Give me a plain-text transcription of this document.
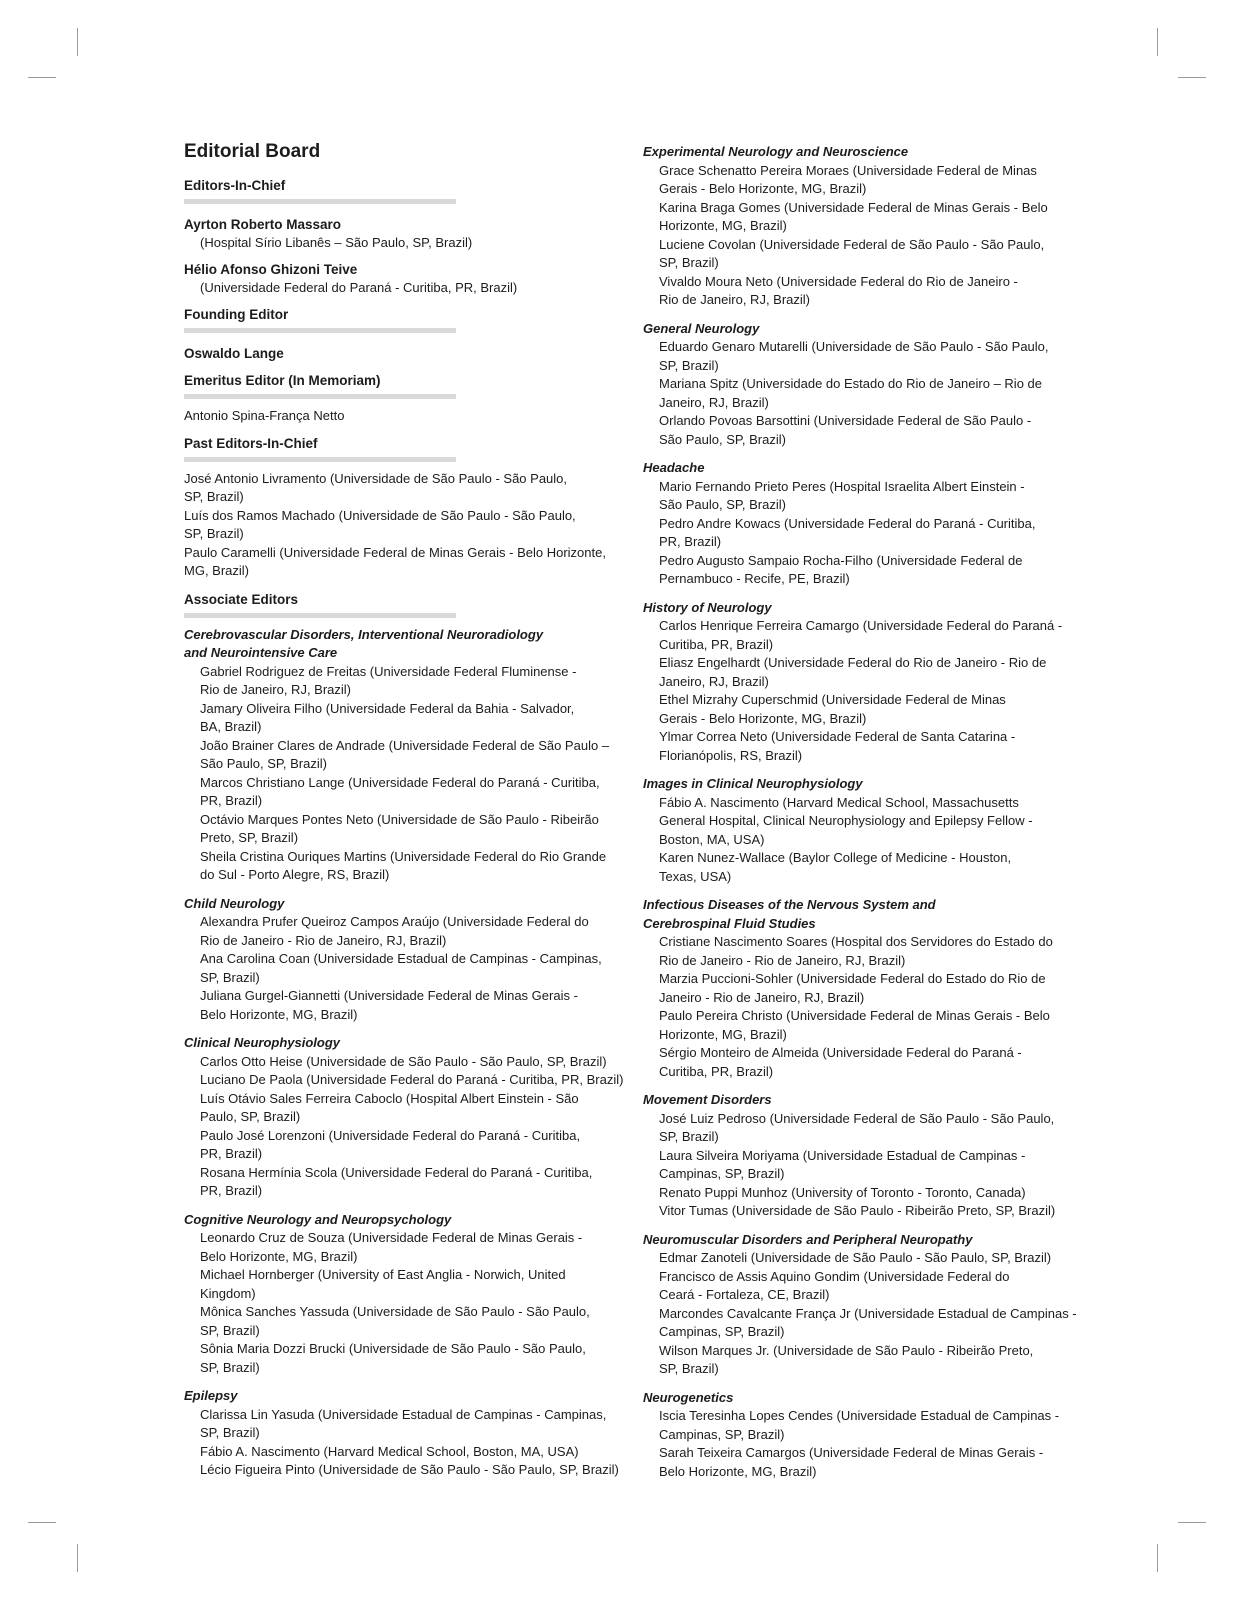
Editorial Board
Editors-In-Chief
Ayrton Roberto Massaro
(Hospital Sírio Libanês – São Paulo, SP, Brazil)
Hélio Afonso Ghizoni Teive
(Universidade Federal do Paraná - Curitiba, PR, Brazil)
Founding Editor
Oswaldo Lange
Emeritus Editor (In Memoriam)
Antonio Spina-França Netto
Past Editors-In-Chief
José Antonio Livramento (Universidade de São Paulo - São Paulo,
SP, Brazil)
Luís dos Ramos Machado (Universidade de São Paulo - São Paulo,
SP, Brazil)
Paulo Caramelli (Universidade Federal de Minas Gerais - Belo Horizonte,
MG, Brazil)
Associate Editors
Cerebrovascular Disorders, Interventional Neuroradiology
and Neurointensive Care
Gabriel Rodriguez de Freitas (Universidade Federal Fluminense -
Rio de Janeiro, RJ, Brazil)
Jamary Oliveira Filho (Universidade Federal da Bahia - Salvador,
BA, Brazil)
João Brainer Clares de Andrade (Universidade Federal de São Paulo –
São Paulo, SP, Brazil)
Marcos Christiano Lange (Universidade Federal do Paraná - Curitiba,
PR, Brazil)
Octávio Marques Pontes Neto (Universidade de São Paulo - Ribeirão
Preto, SP, Brazil)
Sheila Cristina Ouriques Martins (Universidade Federal do Rio Grande
do Sul - Porto Alegre, RS, Brazil)
Child Neurology
Alexandra Prufer Queiroz Campos Araújo (Universidade Federal do
Rio de Janeiro - Rio de Janeiro, RJ, Brazil)
Ana Carolina Coan (Universidade Estadual de Campinas - Campinas,
SP, Brazil)
Juliana Gurgel-Giannetti (Universidade Federal de Minas Gerais -
Belo Horizonte, MG, Brazil)
Clinical Neurophysiology
Carlos Otto Heise (Universidade de São Paulo - São Paulo, SP, Brazil)
Luciano De Paola (Universidade Federal do Paraná - Curitiba, PR, Brazil)
Luís Otávio Sales Ferreira Caboclo (Hospital Albert Einstein - São
Paulo, SP, Brazil)
Paulo José Lorenzoni (Universidade Federal do Paraná - Curitiba,
PR, Brazil)
Rosana Hermínia Scola (Universidade Federal do Paraná - Curitiba,
PR, Brazil)
Cognitive Neurology and Neuropsychology
Leonardo Cruz de Souza (Universidade Federal de Minas Gerais -
Belo Horizonte, MG, Brazil)
Michael Hornberger (University of East Anglia - Norwich, United
Kingdom)
Mônica Sanches Yassuda (Universidade de São Paulo - São Paulo,
SP, Brazil)
Sônia Maria Dozzi Brucki (Universidade de São Paulo - São Paulo,
SP, Brazil)
Epilepsy
Clarissa Lin Yasuda (Universidade Estadual de Campinas - Campinas,
SP, Brazil)
Fábio A. Nascimento (Harvard Medical School, Boston, MA, USA)
Lécio Figueira Pinto (Universidade de São Paulo - São Paulo, SP, Brazil)
Experimental Neurology and Neuroscience
Grace Schenatto Pereira Moraes (Universidade Federal de Minas
Gerais - Belo Horizonte, MG, Brazil)
Karina Braga Gomes (Universidade Federal de Minas Gerais - Belo
Horizonte, MG, Brazil)
Luciene Covolan (Universidade Federal de São Paulo - São Paulo,
SP, Brazil)
Vivaldo Moura Neto (Universidade Federal do Rio de Janeiro -
Rio de Janeiro, RJ, Brazil)
General Neurology
Eduardo Genaro Mutarelli (Universidade de São Paulo - São Paulo,
SP, Brazil)
Mariana Spitz (Universidade do Estado do Rio de Janeiro – Rio de
Janeiro, RJ, Brazil)
Orlando Povoas Barsottini (Universidade Federal de São Paulo -
São Paulo, SP, Brazil)
Headache
Mario Fernando Prieto Peres (Hospital Israelita Albert Einstein -
São Paulo, SP, Brazil)
Pedro Andre Kowacs (Universidade Federal do Paraná - Curitiba,
PR, Brazil)
Pedro Augusto Sampaio Rocha-Filho (Universidade Federal de
Pernambuco - Recife, PE, Brazil)
History of Neurology
Carlos Henrique Ferreira Camargo (Universidade Federal do Paraná -
Curitiba, PR, Brazil)
Eliasz Engelhardt (Universidade Federal do Rio de Janeiro - Rio de
Janeiro, RJ, Brazil)
Ethel Mizrahy Cuperschmid (Universidade Federal de Minas
Gerais - Belo Horizonte, MG, Brazil)
Ylmar Correa Neto (Universidade Federal de Santa Catarina -
Florianópolis, RS, Brazil)
Images in Clinical Neurophysiology
Fábio A. Nascimento (Harvard Medical School, Massachusetts
General Hospital, Clinical Neurophysiology and Epilepsy Fellow -
Boston, MA, USA)
Karen Nunez-Wallace (Baylor College of Medicine - Houston,
Texas, USA)
Infectious Diseases of the Nervous System and
Cerebrospinal Fluid Studies
Cristiane Nascimento Soares (Hospital dos Servidores do Estado do
Rio de Janeiro - Rio de Janeiro, RJ, Brazil)
Marzia Puccioni-Sohler (Universidade Federal do Estado do Rio de
Janeiro - Rio de Janeiro, RJ, Brazil)
Paulo Pereira Christo (Universidade Federal de Minas Gerais - Belo
Horizonte, MG, Brazil)
Sérgio Monteiro de Almeida (Universidade Federal do Paraná -
Curitiba, PR, Brazil)
Movement Disorders
José Luiz Pedroso (Universidade Federal de São Paulo - São Paulo,
SP, Brazil)
Laura Silveira Moriyama (Universidade Estadual de Campinas -
Campinas, SP, Brazil)
Renato Puppi Munhoz (University of Toronto - Toronto, Canada)
Vitor Tumas (Universidade de São Paulo - Ribeirão Preto, SP, Brazil)
Neuromuscular Disorders and Peripheral Neuropathy
Edmar Zanoteli (Universidade de São Paulo - São Paulo, SP, Brazil)
Francisco de Assis Aquino Gondim (Universidade Federal do
Ceará - Fortaleza, CE, Brazil)
Marcondes Cavalcante França Jr (Universidade Estadual de Campinas -
Campinas, SP, Brazil)
Wilson Marques Jr. (Universidade de São Paulo - Ribeirão Preto,
SP, Brazil)
Neurogenetics
Iscia Teresinha Lopes Cendes (Universidade Estadual de Campinas -
Campinas, SP, Brazil)
Sarah Teixeira Camargos (Universidade Federal de Minas Gerais -
Belo Horizonte, MG, Brazil)
